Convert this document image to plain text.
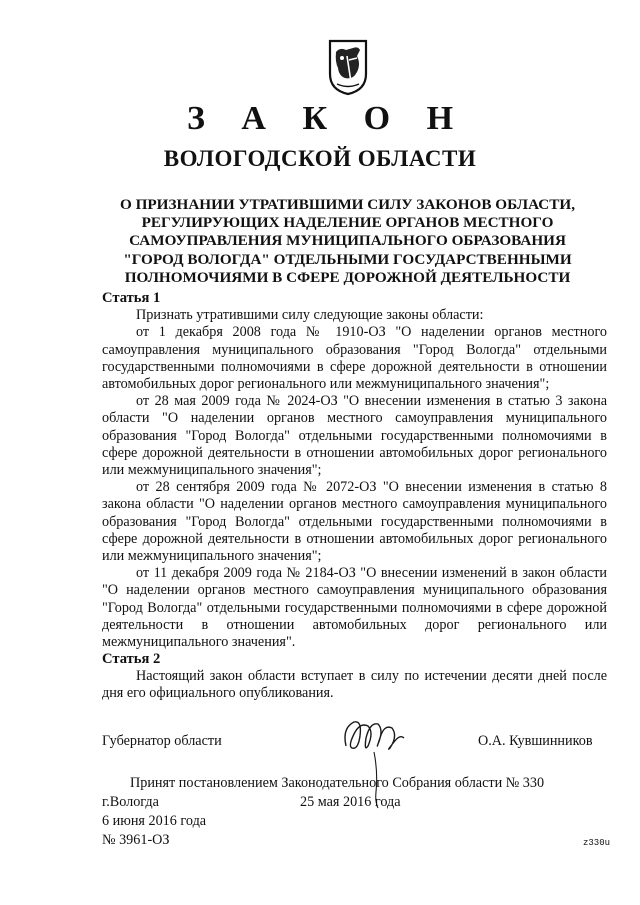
З А К О Н
ВОЛОГОДСКОЙ ОБЛАСТИ
О ПРИЗНАНИИ УТРАТИВШИМИ СИЛУ ЗАКОНОВ ОБЛАСТИ,
РЕГУЛИРУЮЩИХ НАДЕЛЕНИЕ ОРГАНОВ МЕСТНОГО
САМОУПРАВЛЕНИЯ МУНИЦИПАЛЬНОГО ОБРАЗОВАНИЯ
"ГОРОД ВОЛОГДА" ОТДЕЛЬНЫМИ ГОСУДАРСТВЕННЫМИ
ПОЛНОМОЧИЯМИ В СФЕРЕ ДОРОЖНОЙ ДЕЯТЕЛЬНОСТИ

Статья 1

Признать утратившими силу следующие законы области:

от 1 декабря 2008 года № 1910-ОЗ "О наделении органов местного самоуправления муниципального образования "Город Вологда" отдельными государственными полномочиями в сфере дорожной деятельности в отношении автомобильных дорог регионального или межмуниципального значения";

от 28 мая 2009 года № 2024-ОЗ "О внесении изменения в статью 3 закона области "О наделении органов местного самоуправления муниципального образования "Город Вологда" отдельными государственными полномочиями в сфере дорожной деятельности в отношении автомобильных дорог регионального или межмуниципального значения";

от 28 сентября 2009 года № 2072-ОЗ "О внесении изменения в статью 8 закона области "О наделении органов местного самоуправления муниципального образования "Город Вологда" отдельными государственными полномочиями в сфере дорожной деятельности в отношении автомобильных дорог регионального или межмуниципального значения";

от 11 декабря 2009 года № 2184-ОЗ "О внесении изменений в закон области "О наделении органов местного самоуправления муниципального образования "Город Вологда" отдельными государственными полномочиями в сфере дорожной деятельности в отношении автомобильных дорог регионального или межмуниципального значения".

Статья 2

Настоящий закон области вступает в силу по истечении десяти дней после дня его официального опубликования.

Губернатор области	О.А. Кувшинников
Принят постановлением Законодательного Собрания области № 330
25 мая 2016 года
г.Вологда
6 июня 2016 года
№ 3961-ОЗ	z330u
